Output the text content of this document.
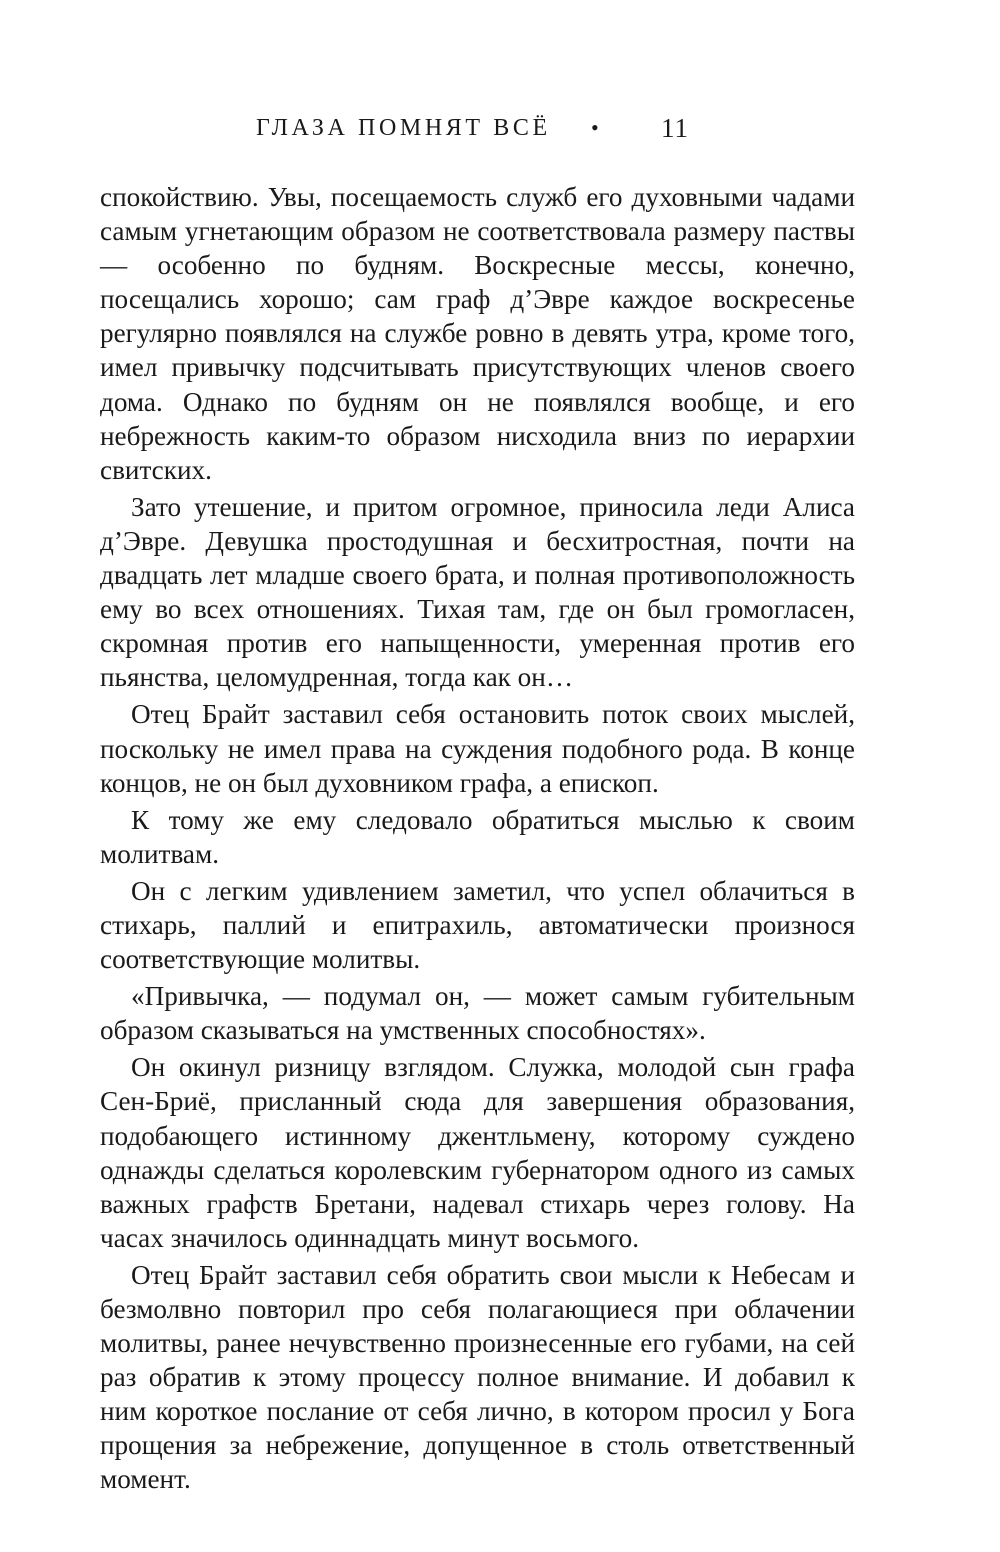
ГЛАЗА ПОМНЯТ ВСЁ • 11

спокойствию. Увы, посещаемость служб его духовными чадами самым угнетающим образом не соответствовала размеру паствы — особенно по будням. Воскресные мессы, конечно, посещались хорошо; сам граф д’Эвре каждое воскресенье регулярно появлялся на службе ровно в девять утра, кроме того, имел привычку подсчитывать присутствующих членов своего дома. Однако по будням он не появлялся вообще, и его небрежность каким-то образом нисходила вниз по иерархии свитских.

Зато утешение, и притом огромное, приносила леди Алиса д’Эвре. Девушка простодушная и бесхитростная, почти на двадцать лет младше своего брата, и полная противоположность ему во всех отношениях. Тихая там, где он был громогласен, скромная против его напыщенности, умеренная против его пьянства, целомудренная, тогда как он…

Отец Брайт заставил себя остановить поток своих мыслей, поскольку не имел права на суждения подобного рода. В конце концов, не он был духовником графа, а епископ.

К тому же ему следовало обратиться мыслью к своим молитвам.

Он с легким удивлением заметил, что успел облачиться в стихарь, паллий и епитрахиль, автоматически произнося соответствующие молитвы.

«Привычка, — подумал он, — может самым губительным образом сказываться на умственных способностях».

Он окинул ризницу взглядом. Служка, молодой сын графа Сен-Бриё, присланный сюда для завершения образования, подобающего истинному джентльмену, которому суждено однажды сделаться королевским губернатором одного из самых важных графств Бретани, надевал стихарь через голову. На часах значилось одиннадцать минут восьмого.

Отец Брайт заставил себя обратить свои мысли к Небесам и безмолвно повторил про себя полагающиеся при облачении молитвы, ранее нечувственно произнесенные его губами, на сей раз обратив к этому процессу полное внимание. И добавил к ним короткое послание от себя лично, в котором просил у Бога прощения за небрежение, допущенное в столь ответственный момент.
